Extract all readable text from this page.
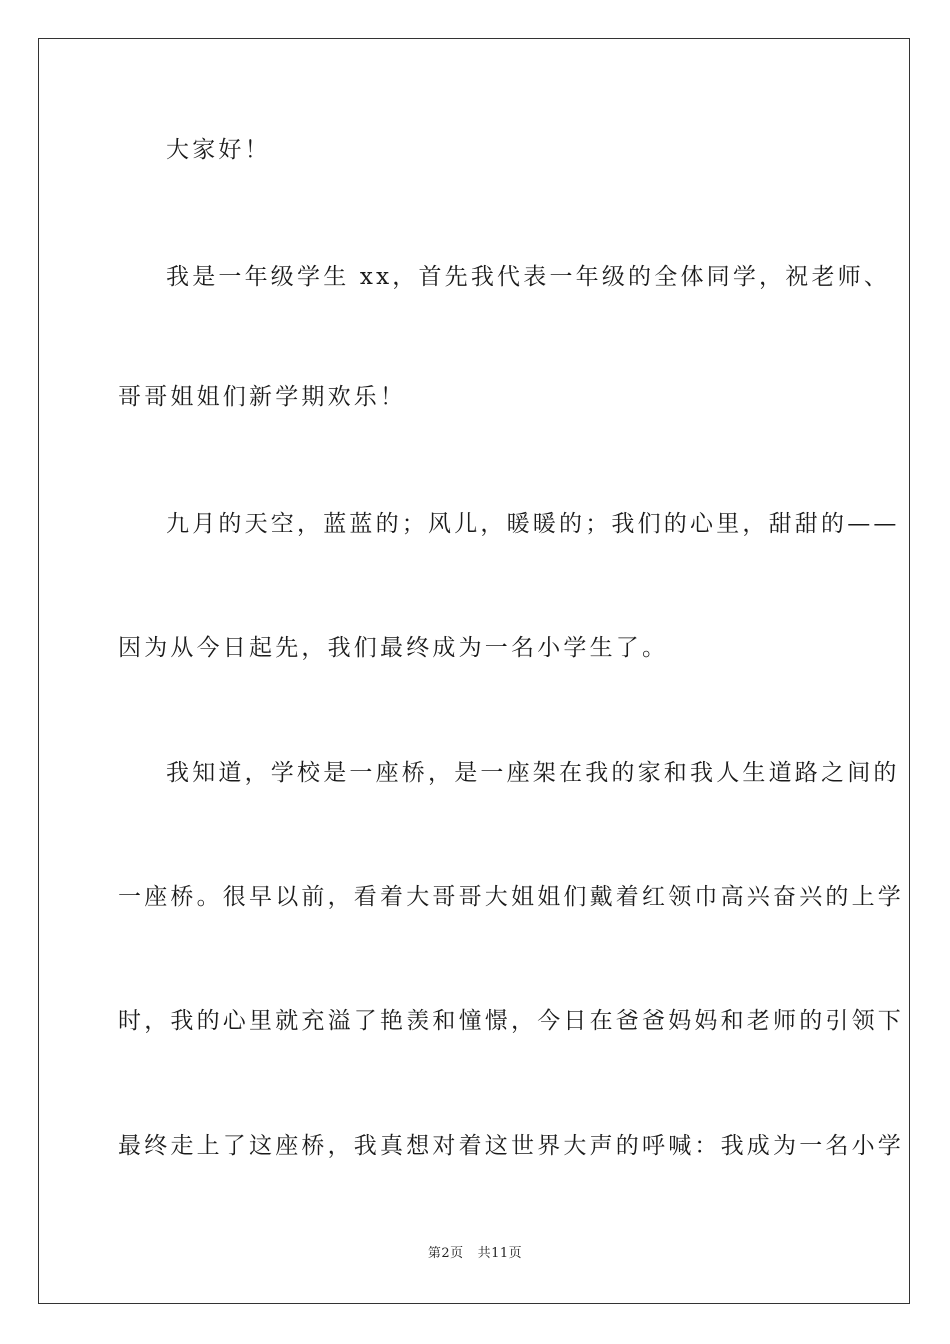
大家好！
我是一年级学生 xx，首先我代表一年级的全体同学，祝老师、
哥哥姐姐们新学期欢乐！
九月的天空，蓝蓝的；风儿，暖暖的；我们的心里，甜甜的——
因为从今日起先，我们最终成为一名小学生了。
我知道，学校是一座桥，是一座架在我的家和我人生道路之间的
一座桥。很早以前，看着大哥哥大姐姐们戴着红领巾高兴奋兴的上学
时，我的心里就充溢了艳羡和憧憬，今日在爸爸妈妈和老师的引领下
最终走上了这座桥，我真想对着这世界大声的呼喊：我成为一名小学
第2页 共11页
